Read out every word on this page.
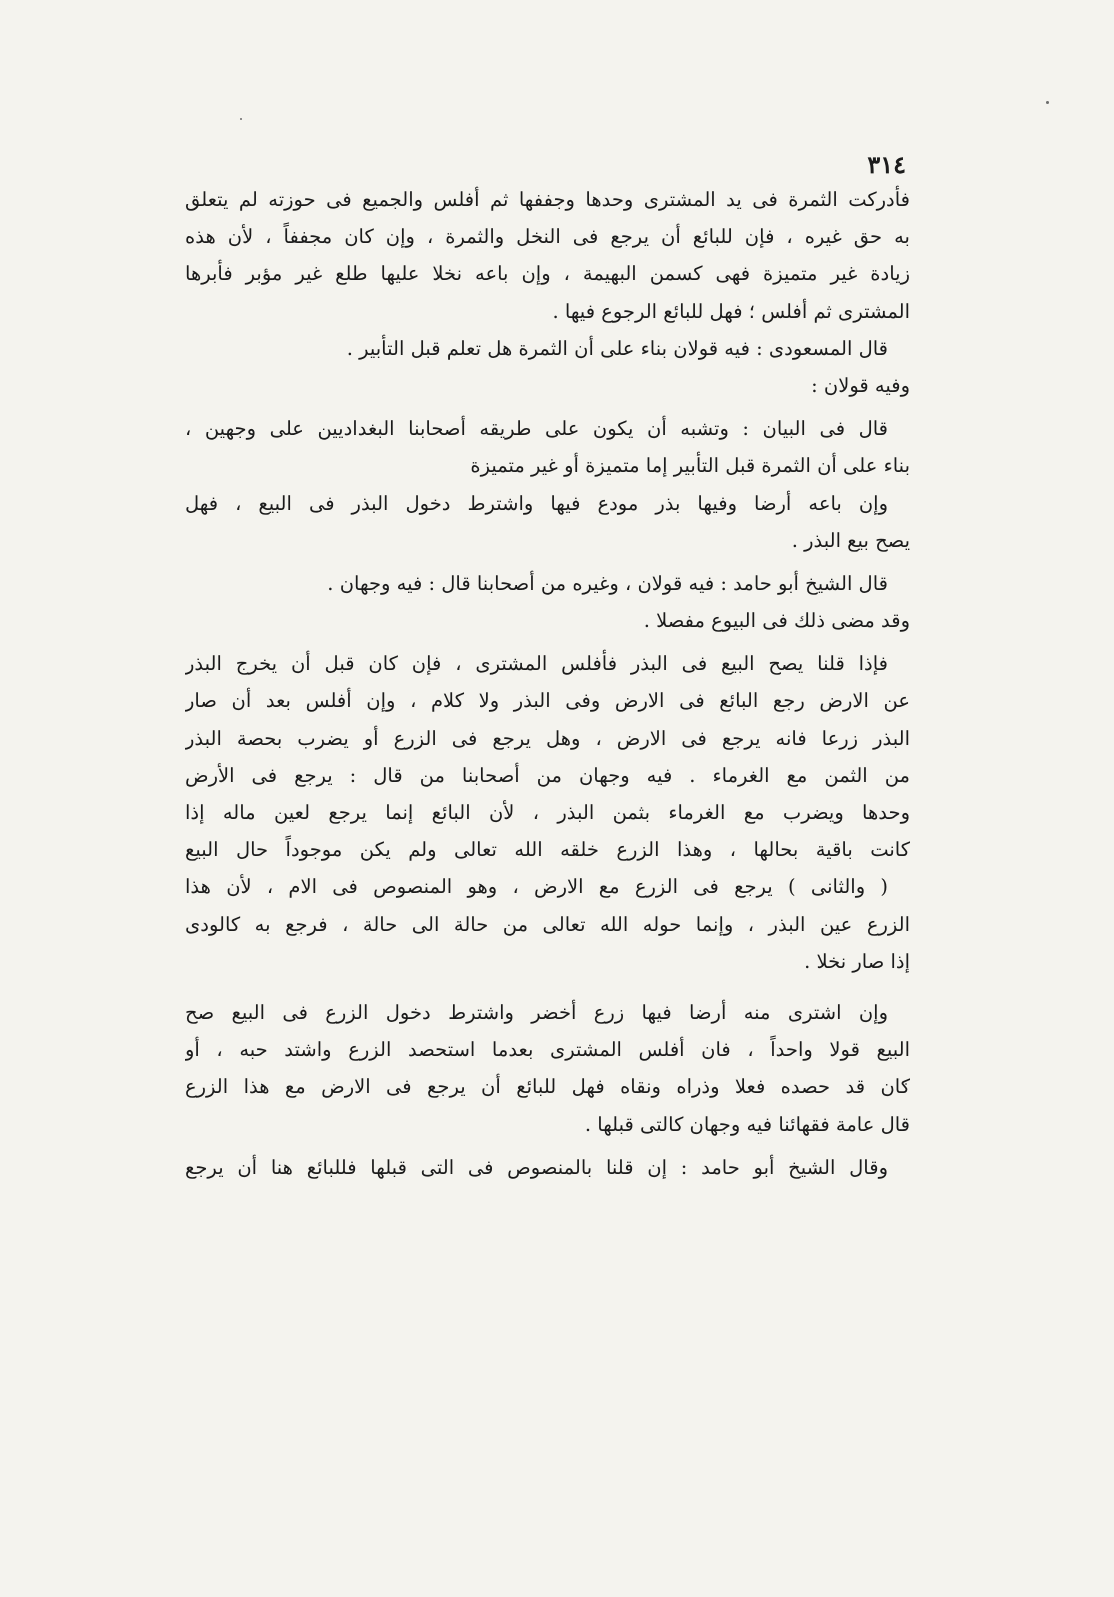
٣١٤
فأدركت الثمرة فى يد المشترى وحدها وجففها ثم أفلس والجميع فى حوزته لم يتعلق
به حق غيره ، فإن للبائع أن يرجع فى النخل والثمرة ، وإن كان مجففاً ، لأن هذه
زيادة غير متميزة فهى كسمن البهيمة ، وإن باعه نخلا عليها طلع غير مؤبر فأبرها
المشترى ثم أفلس ؛ فهل للبائع الرجوع فيها .
قال المسعودى : فيه قولان بناء على أن الثمرة هل تعلم قبل التأبير .
وفيه قولان :
قال فى البيان : وتشبه أن يكون على طريقه أصحابنا البغداديين على وجهين ،
بناء على أن الثمرة قبل التأبير إما متميزة أو غير متميزة
وإن باعه أرضا وفيها بذر مودع فيها واشترط دخول البذر فى البيع ، فهل
يصح بيع البذر .
قال الشيخ أبو حامد : فيه قولان ، وغيره من أصحابنا قال : فيه وجهان .
وقد مضى ذلك فى البيوع مفصلا .
فإذا قلنا يصح البيع فى البذر فأفلس المشترى ، فإن كان قبل أن يخرج البذر
عن الارض رجع البائع فى الارض وفى البذر ولا كلام ، وإن أفلس بعد أن صار
البذر زرعا فانه يرجع فى الارض ، وهل يرجع فى الزرع أو يضرب بحصة البذر
من الثمن مع الغرماء . فيه وجهان من أصحابنا من قال : يرجع فى الأرض
وحدها ويضرب مع الغرماء بثمن البذر ، لأن البائع إنما يرجع لعين ماله إذا
كانت باقية بحالها ، وهذا الزرع خلقه الله تعالى ولم يكن موجوداً حال البيع
( والثانى ) يرجع فى الزرع مع الارض ، وهو المنصوص فى الام ، لأن هذا
الزرع عين البذر ، وإنما حوله الله تعالى من حالة الى حالة ، فرجع به كالودى
إذا صار نخلا .
وإن اشترى منه أرضا فيها زرع أخضر واشترط دخول الزرع فى البيع صح
البيع قولا واحداً ، فان أفلس المشترى بعدما استحصد الزرع واشتد حبه ، أو
كان قد حصده فعلا وذراه ونقاه فهل للبائع أن يرجع فى الارض مع هذا الزرع
قال عامة فقهائنا فيه وجهان كالتى قبلها .
وقال الشيخ أبو حامد : إن قلنا بالمنصوص فى التى قبلها فللبائع هنا أن يرجع
